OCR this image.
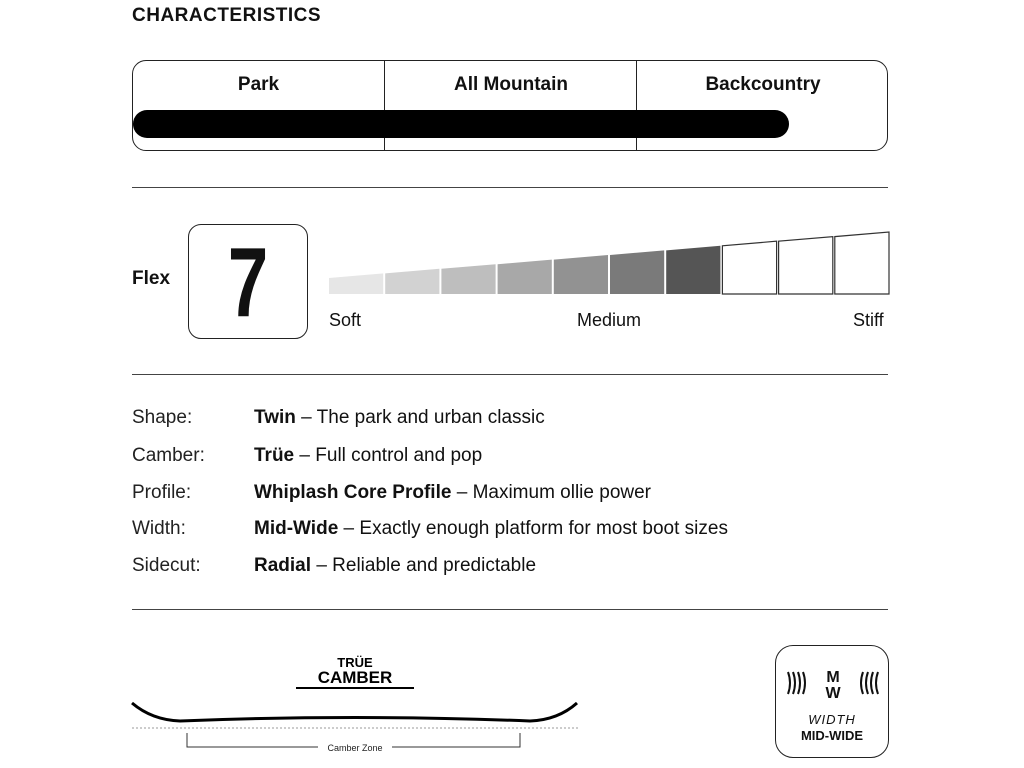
CHARACTERISTICS
Park	All Mountain	Backcountry
Flex 7	Soft	Medium	Stiff
Shape:	Twin – The park and urban classic
Camber:	Trüe – Full control and pop
Profile:	Whiplash Core Profile – Maximum ollie power
Width:	Mid-Wide – Exactly enough platform for most boot sizes
Sidecut:	Radial – Reliable and predictable
TRÜE
CAMBER
Camber Zone
M
W
WIDTH
MID-WIDE
